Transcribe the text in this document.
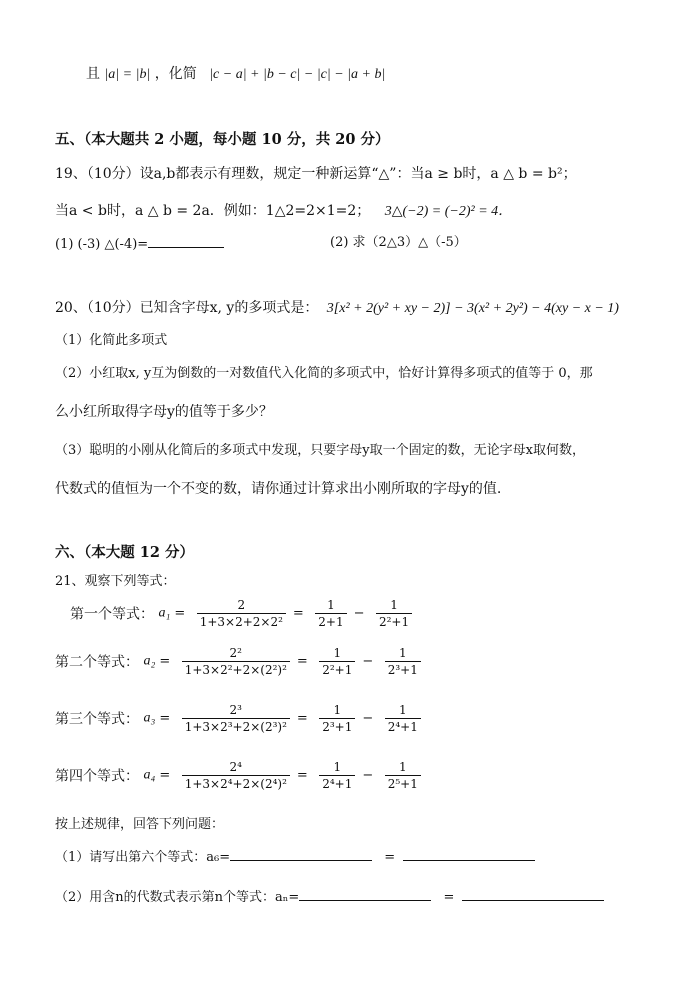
且 |a| = |b| ，化简 |c − a| + |b − c| − |c| − |a + b|
五、（本大题共 2 小题，每小题 10 分，共 20 分）
19、（10分）设a,b都表示有理数，规定一种新运算“△”：当a ≥ b时，a △ b = b²；
当a < b时，a △ b = 2a．例如：1△2=2×1=2； 3△(−2) = (−2)² = 4．
(1) (-3) △(-4)=	(2) 求（2△3）△（-5）
20、（10分）已知含字母x, y的多项式是： 3[x² + 2(y² + xy − 2)] − 3(x² + 2y²) − 4(xy − x − 1)
（1）化简此多项式
（2）小红取x, y互为倒数的一对数值代入化简的多项式中，恰好计算得多项式的值等于 0，那
么小红所取得字母y的值等于多少？
（3）聪明的小刚从化简后的多项式中发现，只要字母y取一个固定的数，无论字母x取何数，
代数式的值恒为一个不变的数，请你通过计算求出小刚所取的字母y的值.
六、（本大题 12 分）
21、观察下列等式：
第一个等式： $a_1 = \frac{2}{\text{1+3×2+2×2²}} = \frac{1}{2+1} - \frac{1}{\text{2²+1}}$
第二个等式： $a_2 = \frac{\text{2²}}{\text{1+3×2²+2×(2²)²}} = \frac{1}{\text{2²+1}} - \frac{1}{\text{2³+1}}$
第三个等式： $a_3 = \frac{\text{2³}}{\text{1+3×2³+2×(2³)²}} = \frac{1}{\text{2³+1}} - \frac{1}{\text{2⁴+1}}$
第四个等式： $a_4 = \frac{\text{2⁴}}{\text{1+3×2⁴+2×(2⁴)²}} = \frac{1}{\text{2⁴+1}} - \frac{1}{\text{2⁵+1}}$
按上述规律，回答下列问题：
（1）请写出第六个等式：a₆=	=
（2）用含n的代数式表示第n个等式：aₙ=	=
